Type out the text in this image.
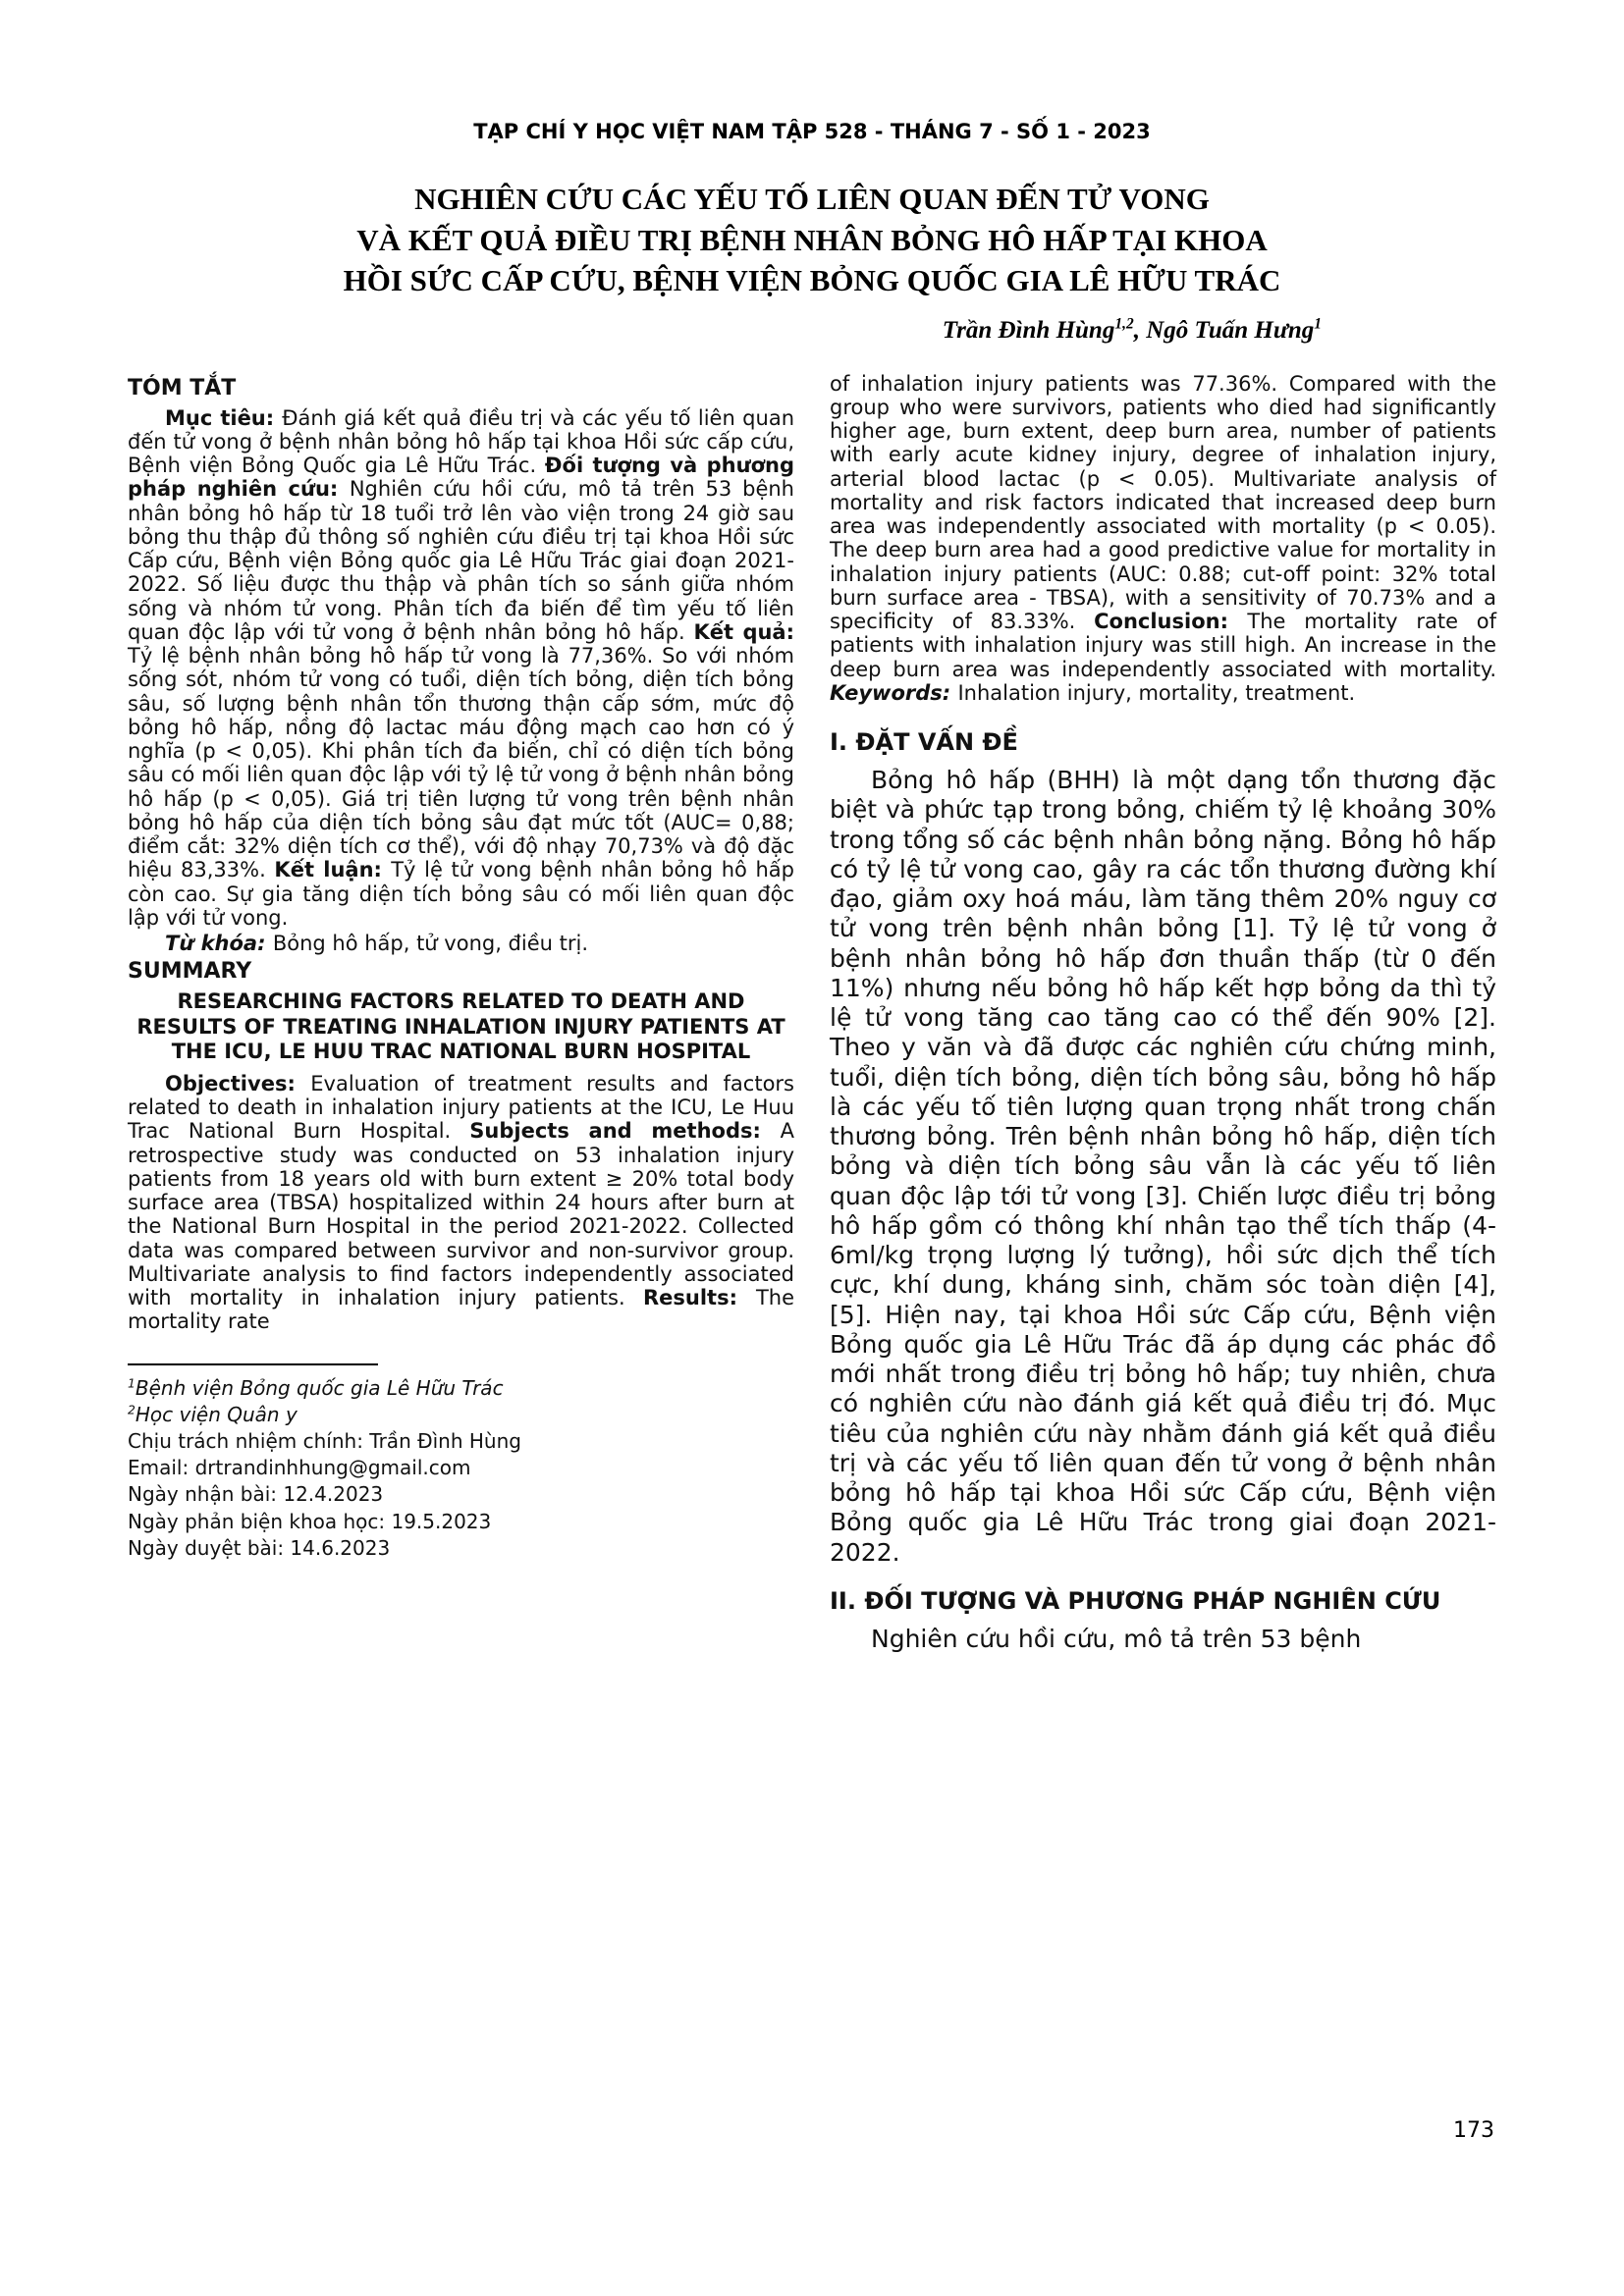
TẠP CHÍ Y HỌC VIỆT NAM TẬP 528 - THÁNG 7 - SỐ 1 - 2023
NGHIÊN CỨU CÁC YẾU TỐ LIÊN QUAN ĐẾN TỬ VONG
VÀ KẾT QUẢ ĐIỀU TRỊ BỆNH NHÂN BỎNG HÔ HẤP TẠI KHOA
HỒI SỨC CẤP CỨU, BỆNH VIỆN BỎNG QUỐC GIA LÊ HỮU TRÁC
Trần Đình Hùng$^{1,2}$, Ngô Tuấn Hưng$^1$
TÓM TẮT

Mục tiêu: Đánh giá kết quả điều trị và các yếu tố liên quan đến tử vong ở bệnh nhân bỏng hô hấp tại khoa Hồi sức cấp cứu, Bệnh viện Bỏng Quốc gia Lê Hữu Trác. Đối tượng và phương pháp nghiên cứu: Nghiên cứu hồi cứu, mô tả trên 53 bệnh nhân bỏng hô hấp từ 18 tuổi trở lên vào viện trong 24 giờ sau bỏng thu thập đủ thông số nghiên cứu điều trị tại khoa Hồi sức Cấp cứu, Bệnh viện Bỏng quốc gia Lê Hữu Trác giai đoạn 2021-2022. Số liệu được thu thập và phân tích so sánh giữa nhóm sống và nhóm tử vong. Phân tích đa biến để tìm yếu tố liên quan độc lập với tử vong ở bệnh nhân bỏng hô hấp. Kết quả: Tỷ lệ bệnh nhân bỏng hô hấp tử vong là 77,36%. So với nhóm sống sót, nhóm tử vong có tuổi, diện tích bỏng, diện tích bỏng sâu, số lượng bệnh nhân tổn thương thận cấp sớm, mức độ bỏng hô hấp, nồng độ lactac máu động mạch cao hơn có ý nghĩa (p < 0,05). Khi phân tích đa biến, chỉ có diện tích bỏng sâu có mối liên quan độc lập với tỷ lệ tử vong ở bệnh nhân bỏng hô hấp (p < 0,05). Giá trị tiên lượng tử vong trên bệnh nhân bỏng hô hấp của diện tích bỏng sâu đạt mức tốt (AUC= 0,88; điểm cắt: 32% diện tích cơ thể), với độ nhạy 70,73% và độ đặc hiệu 83,33%. Kết luận: Tỷ lệ tử vong bệnh nhân bỏng hô hấp còn cao. Sự gia tăng diện tích bỏng sâu có mối liên quan độc lập với tử vong.

Từ khóa: Bỏng hô hấp, tử vong, điều trị.

SUMMARY
RESEARCHING FACTORS RELATED TO DEATH AND RESULTS OF TREATING INHALATION INJURY PATIENTS AT THE ICU, LE HUU TRAC NATIONAL BURN HOSPITAL

Objectives: Evaluation of treatment results and factors related to death in inhalation injury patients at the ICU, Le Huu Trac National Burn Hospital. Subjects and methods: A retrospective study was conducted on 53 inhalation injury patients from 18 years old with burn extent ≥ 20% total body surface area (TBSA) hospitalized within 24 hours after burn at the National Burn Hospital in the period 2021-2022. Collected data was compared between survivor and non-survivor group. Multivariate analysis to find factors independently associated with mortality in inhalation injury patients. Results: The mortality rate

$^1$Bệnh viện Bỏng quốc gia Lê Hữu Trác
$^2$Học viện Quân y
Chịu trách nhiệm chính: Trần Đình Hùng
Email: drtrandinhhung@gmail.com
Ngày nhận bài: 12.4.2023
Ngày phản biện khoa học: 19.5.2023
Ngày duyệt bài: 14.6.2023

of inhalation injury patients was 77.36%. Compared with the group who were survivors, patients who died had significantly higher age, burn extent, deep burn area, number of patients with early acute kidney injury, degree of inhalation injury, arterial blood lactac (p < 0.05). Multivariate analysis of mortality and risk factors indicated that increased deep burn area was independently associated with mortality (p < 0.05). The deep burn area had a good predictive value for mortality in inhalation injury patients (AUC: 0.88; cut-off point: 32% total burn surface area - TBSA), with a sensitivity of 70.73% and a specificity of 83.33%. Conclusion: The mortality rate of patients with inhalation injury was still high. An increase in the deep burn area was independently associated with mortality. Keywords: Inhalation injury, mortality, treatment.

I. ĐẶT VẤN ĐỀ

Bỏng hô hấp (BHH) là một dạng tổn thương đặc biệt và phức tạp trong bỏng, chiếm tỷ lệ khoảng 30% trong tổng số các bệnh nhân bỏng nặng. Bỏng hô hấp có tỷ lệ tử vong cao, gây ra các tổn thương đường khí đạo, giảm oxy hoá máu, làm tăng thêm 20% nguy cơ tử vong trên bệnh nhân bỏng [1]. Tỷ lệ tử vong ở bệnh nhân bỏng hô hấp đơn thuần thấp (từ 0 đến 11%) nhưng nếu bỏng hô hấp kết hợp bỏng da thì tỷ lệ tử vong tăng cao tăng cao có thể đến 90% [2]. Theo y văn và đã được các nghiên cứu chứng minh, tuổi, diện tích bỏng, diện tích bỏng sâu, bỏng hô hấp là các yếu tố tiên lượng quan trọng nhất trong chấn thương bỏng. Trên bệnh nhân bỏng hô hấp, diện tích bỏng và diện tích bỏng sâu vẫn là các yếu tố liên quan độc lập tới tử vong [3]. Chiến lược điều trị bỏng hô hấp gồm có thông khí nhân tạo thể tích thấp (4-6ml/kg trọng lượng lý tưởng), hồi sức dịch thể tích cực, khí dung, kháng sinh, chăm sóc toàn diện [4], [5]. Hiện nay, tại khoa Hồi sức Cấp cứu, Bệnh viện Bỏng quốc gia Lê Hữu Trác đã áp dụng các phác đồ mới nhất trong điều trị bỏng hô hấp; tuy nhiên, chưa có nghiên cứu nào đánh giá kết quả điều trị đó. Mục tiêu của nghiên cứu này nhằm đánh giá kết quả điều trị và các yếu tố liên quan đến tử vong ở bệnh nhân bỏng hô hấp tại khoa Hồi sức Cấp cứu, Bệnh viện Bỏng quốc gia Lê Hữu Trác trong giai đoạn 2021-2022.

II. ĐỐI TƯỢNG VÀ PHƯƠNG PHÁP NGHIÊN CỨU

Nghiên cứu hồi cứu, mô tả trên 53 bệnh

173
